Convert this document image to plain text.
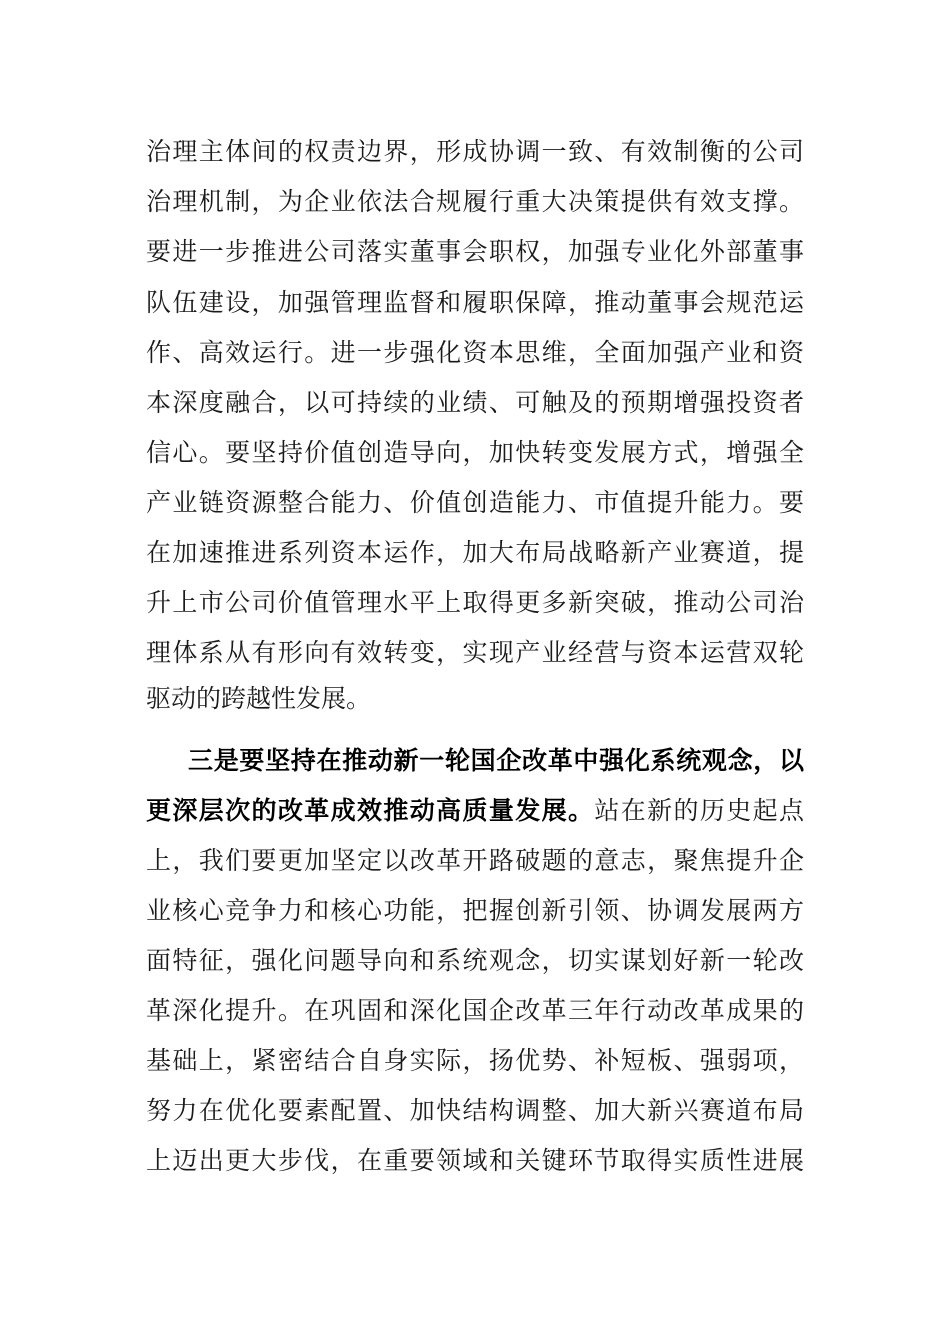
治理主体间的权责边界，形成协调一致、有效制衡的公司
治理机制，为企业依法合规履行重大决策提供有效支撑。
要进一步推进公司落实董事会职权，加强专业化外部董事
队伍建设，加强管理监督和履职保障，推动董事会规范运
作、高效运行。进一步强化资本思维，全面加强产业和资
本深度融合，以可持续的业绩、可触及的预期增强投资者
信心。要坚持价值创造导向，加快转变发展方式，增强全
产业链资源整合能力、价值创造能力、市值提升能力。要
在加速推进系列资本运作，加大布局战略新产业赛道，提
升上市公司价值管理水平上取得更多新突破，推动公司治
理体系从有形向有效转变，实现产业经营与资本运营双轮
驱动的跨越性发展。
三是要坚持在推动新一轮国企改革中强化系统观念，以
更深层次的改革成效推动高质量发展。站在新的历史起点
上，我们要更加坚定以改革开路破题的意志，聚焦提升企
业核心竞争力和核心功能，把握创新引领、协调发展两方
面特征，强化问题导向和系统观念，切实谋划好新一轮改
革深化提升。在巩固和深化国企改革三年行动改革成果的
基础上，紧密结合自身实际，扬优势、补短板、强弱项，
努力在优化要素配置、加快结构调整、加大新兴赛道布局
上迈出更大步伐，在重要领域和关键环节取得实质性进展
